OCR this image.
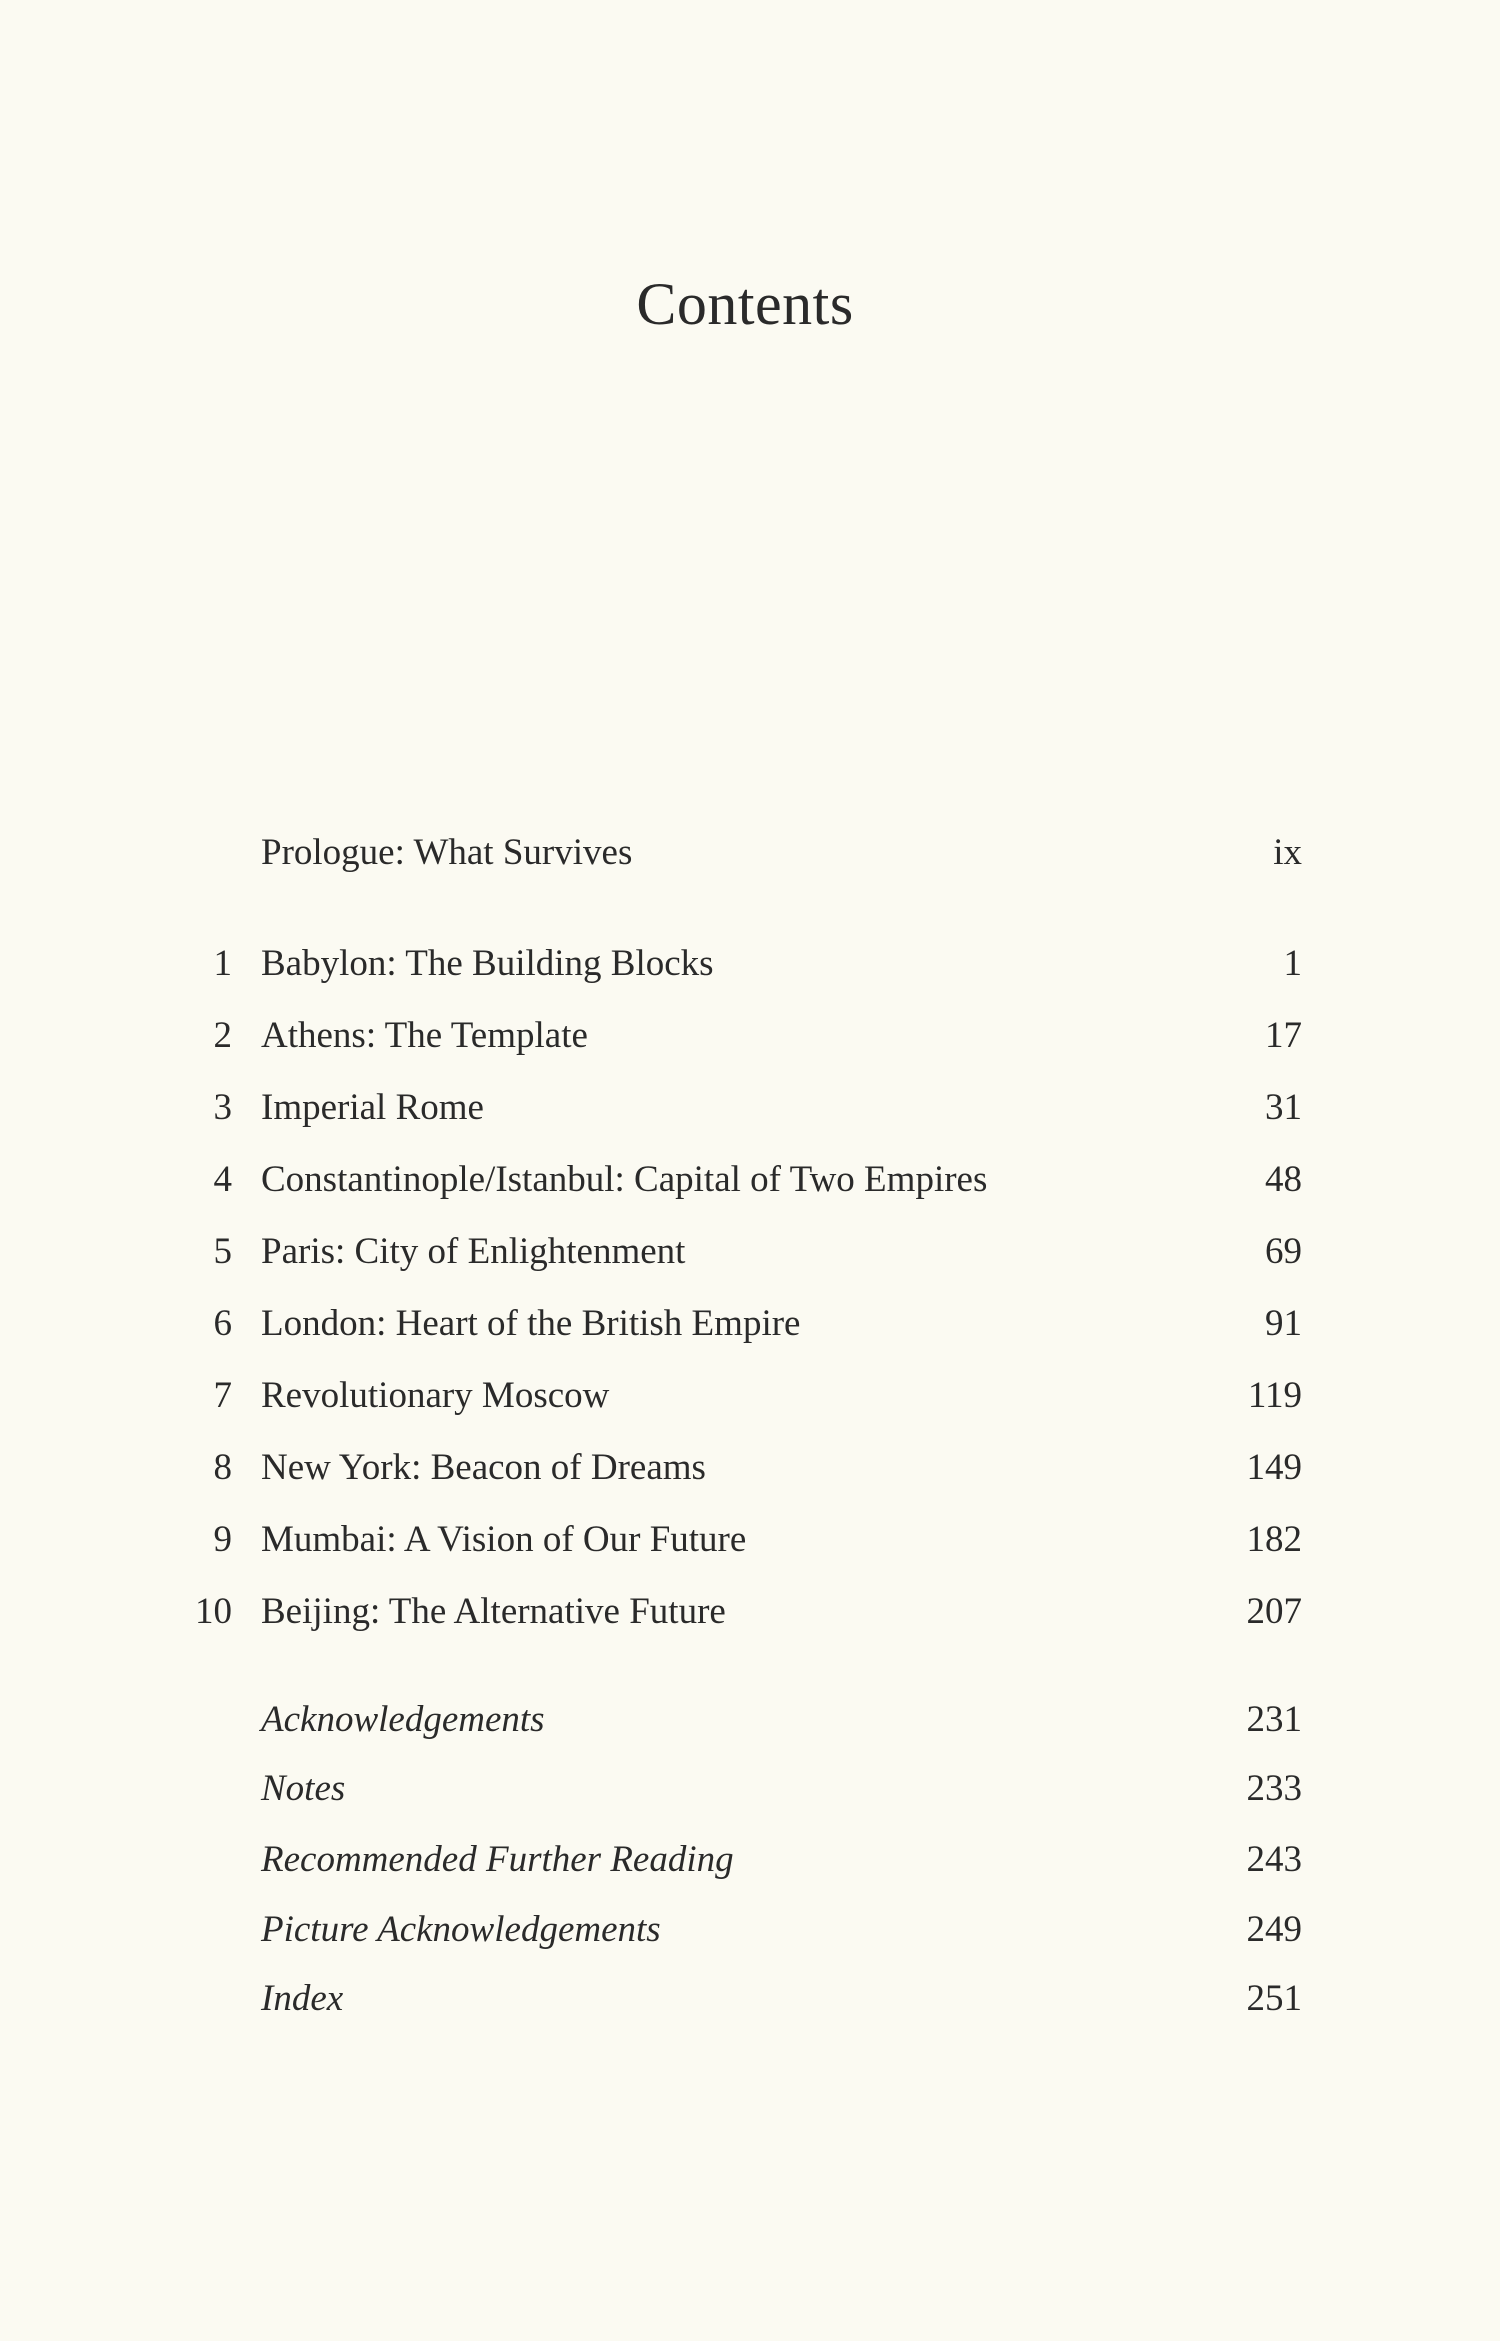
Contents
Prologue: What Survives	ix
1 Babylon: The Building Blocks	1
2 Athens: The Template	17
3 Imperial Rome	31
4 Constantinople/Istanbul: Capital of Two Empires	48
5 Paris: City of Enlightenment	69
6 London: Heart of the British Empire	91
7 Revolutionary Moscow	119
8 New York: Beacon of Dreams	149
9 Mumbai: A Vision of Our Future	182
10 Beijing: The Alternative Future	207
Acknowledgements	231
Notes	233
Recommended Further Reading	243
Picture Acknowledgements	249
Index	251
